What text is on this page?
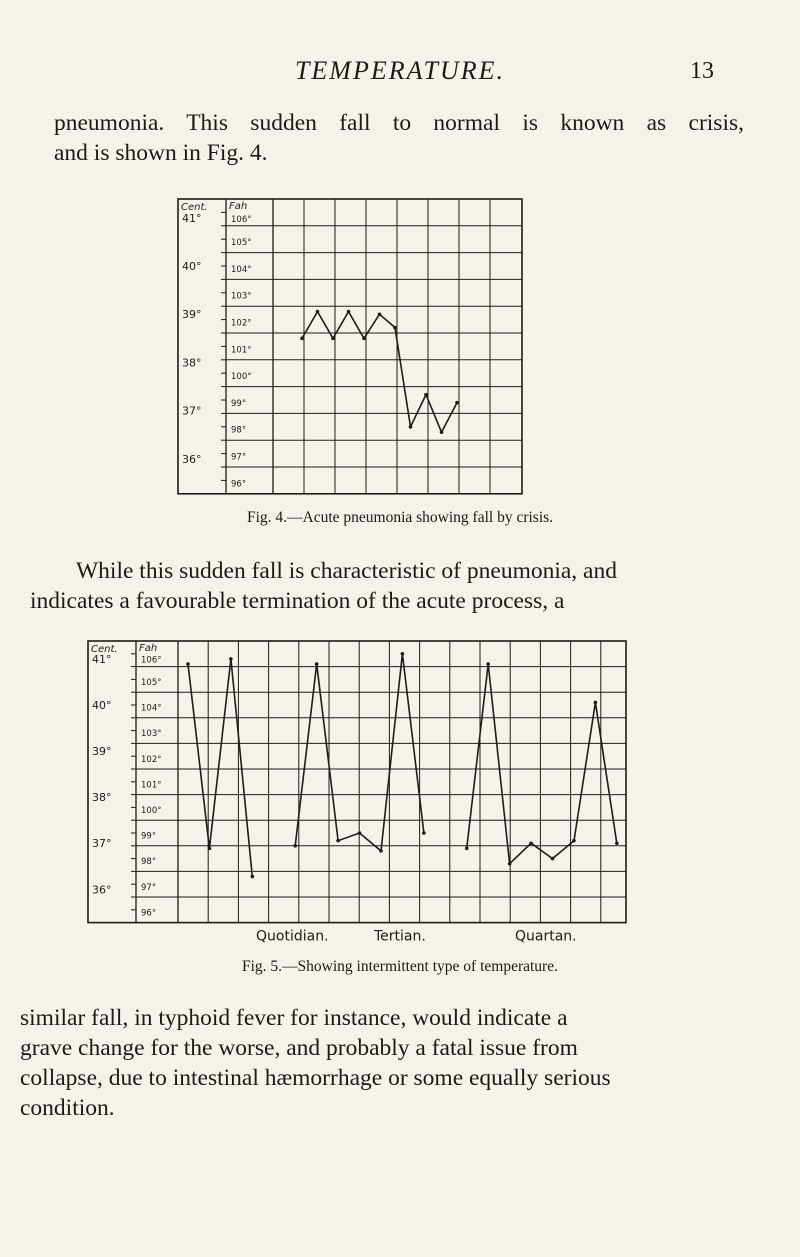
TEMPERATURE.	13
pneumonia. This sudden fall to normal is known as crisis,
and is shown in Fig. 4.
Cent. Fah
106°
105°
104°
103°
102°
101°
100°
99°
98°
97°
96°
41°
40°
39°
38°
37°
36°
Fig. 4.—Acute pneumonia showing fall by crisis.
While this sudden fall is characteristic of pneumonia, and
indicates a favourable termination of the acute process, a
Cent. Fah
106°
105°
104°
103°
102°
101°
100°
99°
98°
97°
96°
41°
40°
39°
38°
37°
36°
Quotidian.	Tertian.	Quartan.
Fig. 5.—Showing intermittent type of temperature.
similar fall, in typhoid fever for instance, would indicate a
grave change for the worse, and probably a fatal issue from
collapse, due to intestinal hæmorrhage or some equally serious
condition.
